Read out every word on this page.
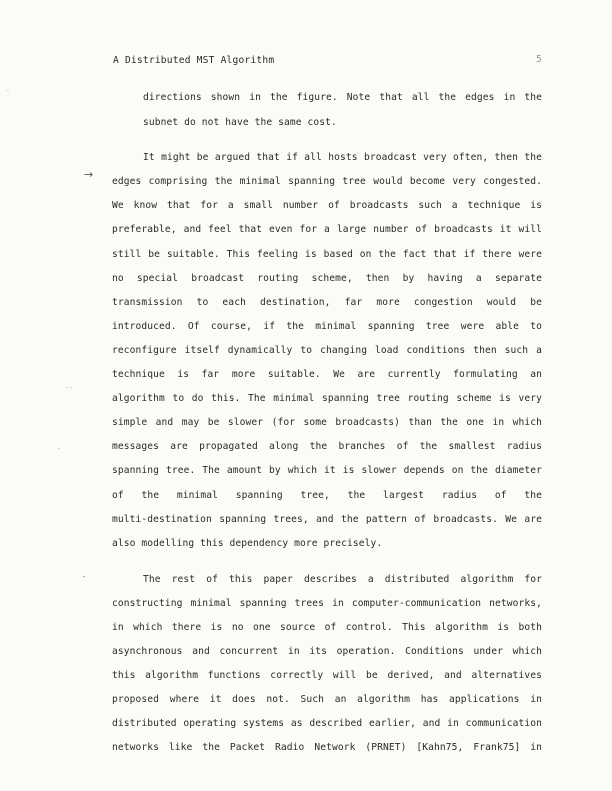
A Distributed MST Algorithm	5
→
·
· ·
·
-
directions shown in the figure. Note that all the edges in the
subnet do not have the same cost.
It might be argued that if all hosts broadcast very often, then the
edges comprising the minimal spanning tree would become very congested.
We know that for a small number of broadcasts such a technique is
preferable, and feel that even for a large number of broadcasts it will
still be suitable. This feeling is based on the fact that if there were
no special broadcast routing scheme, then by having a separate
transmission to each destination, far more congestion would be
introduced. Of course, if the minimal spanning tree were able to
reconfigure itself dynamically to changing load conditions then such a
technique is far more suitable. We are currently formulating an
algorithm to do this. The minimal spanning tree routing scheme is very
simple and may be slower (for some broadcasts) than the one in which
messages are propagated along the branches of the smallest radius
spanning tree. The amount by which it is slower depends on the diameter
of the minimal spanning tree, the largest radius of the
multi-destination spanning trees, and the pattern of broadcasts. We are
also modelling this dependency more precisely.
The rest of this paper describes a distributed algorithm for
constructing minimal spanning trees in computer-communication networks,
in which there is no one source of control. This algorithm is both
asynchronous and concurrent in its operation. Conditions under which
this algorithm functions correctly will be derived, and alternatives
proposed where it does not. Such an algorithm has applications in
distributed operating systems as described earlier, and in communication
networks like the Packet Radio Network (PRNET) [Kahn75, Frank75] in
